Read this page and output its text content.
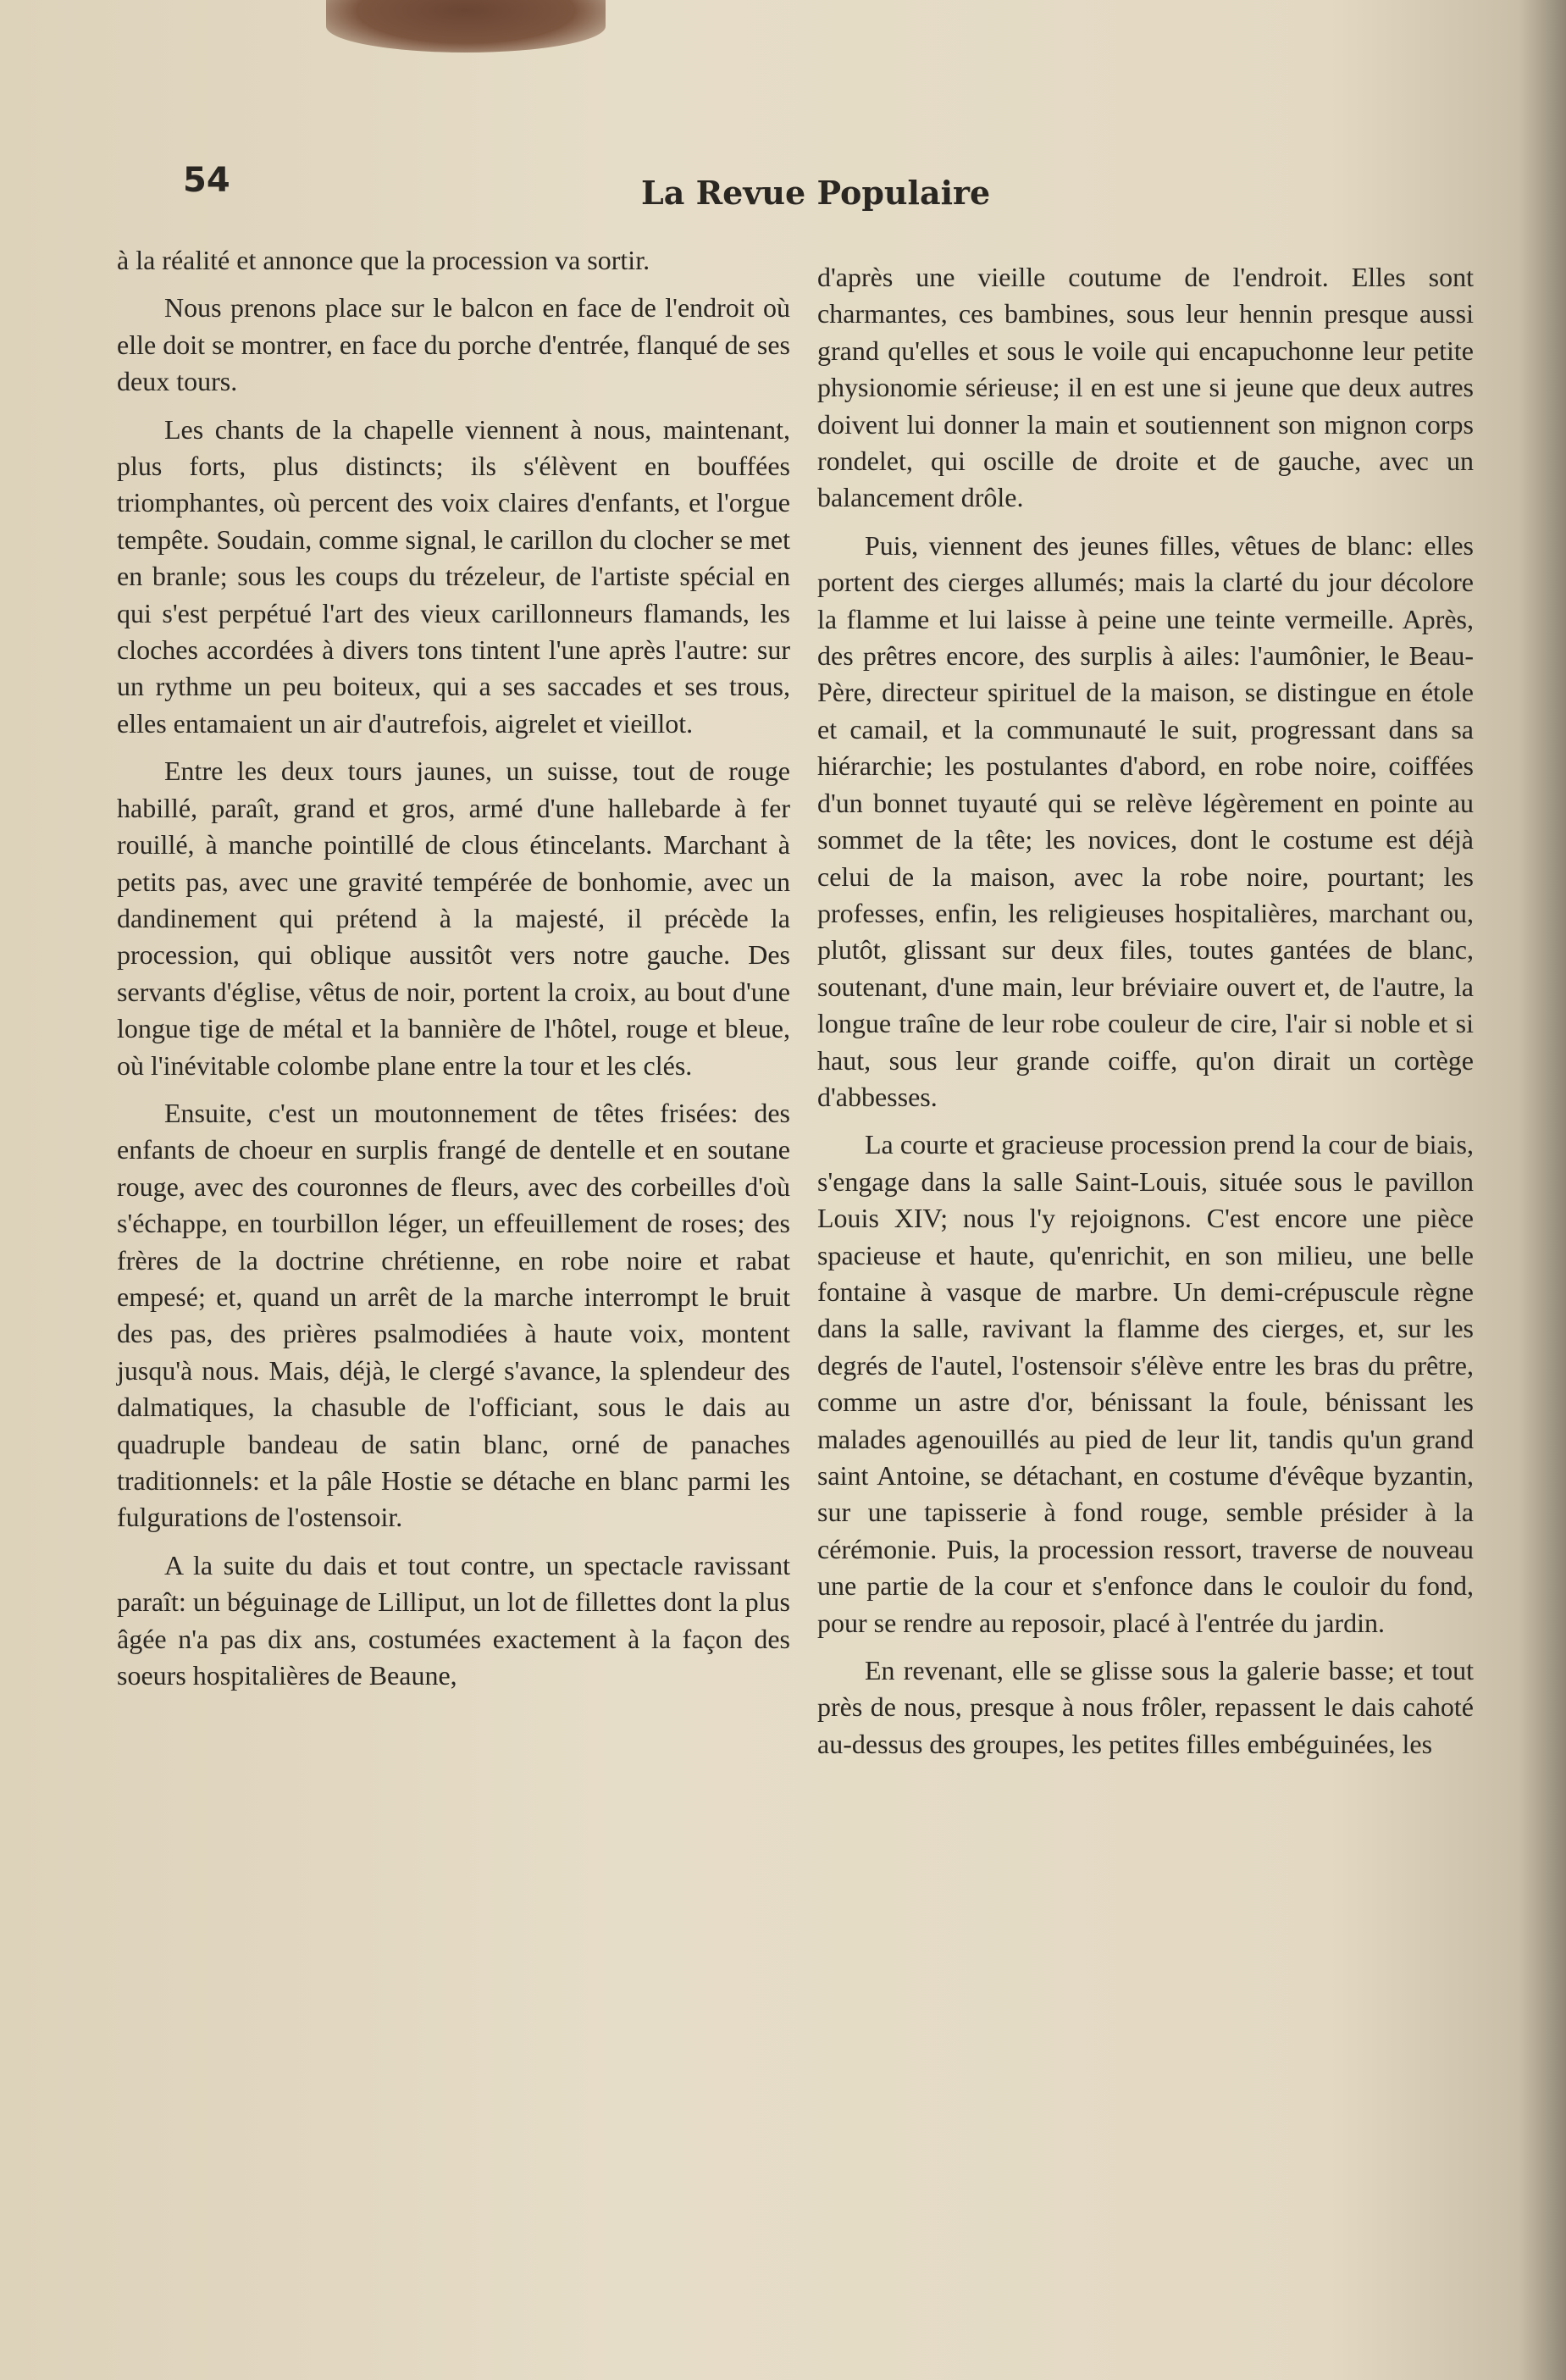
54	La Revue Populaire

à la réalité et annonce que la procession va sortir.

Nous prenons place sur le balcon en face de l'endroit où elle doit se montrer, en face du porche d'entrée, flanqué de ses deux tours.

Les chants de la chapelle viennent à nous, maintenant, plus forts, plus distincts; ils s'élèvent en bouffées triomphantes, où percent des voix claires d'enfants, et l'orgue tempête. Soudain, comme signal, le carillon du clocher se met en branle; sous les coups du trézeleur, de l'artiste spécial en qui s'est perpétué l'art des vieux carillonneurs flamands, les cloches accordées à divers tons tintent l'une après l'autre: sur un rythme un peu boiteux, qui a ses saccades et ses trous, elles entamaient un air d'autrefois, aigrelet et vieillot.

Entre les deux tours jaunes, un suisse, tout de rouge habillé, paraît, grand et gros, armé d'une hallebarde à fer rouillé, à manche pointillé de clous étincelants. Marchant à petits pas, avec une gravité tempérée de bonhomie, avec un dandinement qui prétend à la majesté, il précède la procession, qui oblique aussitôt vers notre gauche. Des servants d'église, vêtus de noir, portent la croix, au bout d'une longue tige de métal et la bannière de l'hôtel, rouge et bleue, où l'inévitable colombe plane entre la tour et les clés.

Ensuite, c'est un moutonnement de têtes frisées: des enfants de choeur en surplis frangé de dentelle et en soutane rouge, avec des couronnes de fleurs, avec des corbeilles d'où s'échappe, en tourbillon léger, un effeuillement de roses; des frères de la doctrine chrétienne, en robe noire et rabat empesé; et, quand un arrêt de la marche interrompt le bruit des pas, des prières psalmodiées à haute voix, montent jusqu'à nous. Mais, déjà, le clergé s'avance, la splendeur des dalmatiques, la chasuble de l'officiant, sous le dais au quadruple bandeau de satin blanc, orné de panaches traditionnels: et la pâle Hostie se détache en blanc parmi les fulgurations de l'ostensoir.

A la suite du dais et tout contre, un spectacle ravissant paraît: un béguinage de Lilliput, un lot de fillettes dont la plus âgée n'a pas dix ans, costumées exactement à la façon des soeurs hospitalières de Beaune,

d'après une vieille coutume de l'endroit. Elles sont charmantes, ces bambines, sous leur hennin presque aussi grand qu'elles et sous le voile qui encapuchonne leur petite physionomie sérieuse; il en est une si jeune que deux autres doivent lui donner la main et soutiennent son mignon corps rondelet, qui oscille de droite et de gauche, avec un balancement drôle.

Puis, viennent des jeunes filles, vêtues de blanc: elles portent des cierges allumés; mais la clarté du jour décolore la flamme et lui laisse à peine une teinte vermeille. Après, des prêtres encore, des surplis à ailes: l'aumônier, le Beau-Père, directeur spirituel de la maison, se distingue en étole et camail, et la communauté le suit, progressant dans sa hiérarchie; les postulantes d'abord, en robe noire, coiffées d'un bonnet tuyauté qui se relève légèrement en pointe au sommet de la tête; les novices, dont le costume est déjà celui de la maison, avec la robe noire, pourtant; les professes, enfin, les religieuses hospitalières, marchant ou, plutôt, glissant sur deux files, toutes gantées de blanc, soutenant, d'une main, leur bréviaire ouvert et, de l'autre, la longue traîne de leur robe couleur de cire, l'air si noble et si haut, sous leur grande coiffe, qu'on dirait un cortège d'abbesses.

La courte et gracieuse procession prend la cour de biais, s'engage dans la salle Saint-Louis, située sous le pavillon Louis XIV; nous l'y rejoignons. C'est encore une pièce spacieuse et haute, qu'enrichit, en son milieu, une belle fontaine à vasque de marbre. Un demi-crépuscule règne dans la salle, ravivant la flamme des cierges, et, sur les degrés de l'autel, l'ostensoir s'élève entre les bras du prêtre, comme un astre d'or, bénissant la foule, bénissant les malades agenouillés au pied de leur lit, tandis qu'un grand saint Antoine, se détachant, en costume d'évêque byzantin, sur une tapisserie à fond rouge, semble présider à la cérémonie. Puis, la procession ressort, traverse de nouveau une partie de la cour et s'enfonce dans le couloir du fond, pour se rendre au reposoir, placé à l'entrée du jardin.

En revenant, elle se glisse sous la galerie basse; et tout près de nous, presque à nous frôler, repassent le dais cahoté au-dessus des groupes, les petites filles embéguinées, les
